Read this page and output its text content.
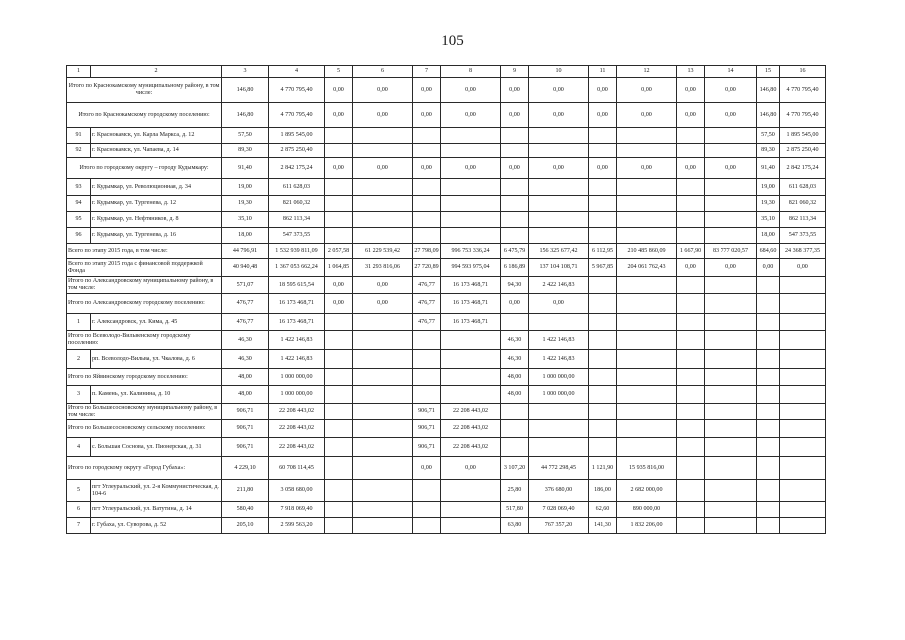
105
1	2	3	4	5	6	7	8	9	10	11	12	13	14	15	16
Итого по Краснокамскому муниципальному району, в том числе:		146,80	4 770 795,40	0,00	0,00	0,00	0,00	0,00	0,00	0,00	0,00	0,00	0,00	146,80	4 770 795,40
Итого по Краснокамскому городскому поселению:		146,80	4 770 795,40	0,00	0,00	0,00	0,00	0,00	0,00	0,00	0,00	0,00	0,00	146,80	4 770 795,40
91	г. Краснокамск, ул. Карла Маркса, д. 12	57,50	1 895 545,00											57,50	1 895 545,00
92	г. Краснокамск, ул. Чапаева, д. 14	89,30	2 875 250,40											89,30	2 875 250,40
Итого по городскому округу – городу Кудымкару:		91,40	2 842 175,24	0,00	0,00	0,00	0,00	0,00	0,00	0,00	0,00	0,00	0,00	91,40	2 842 175,24
93	г. Кудымкар, ул. Революционная, д. 34	19,00	611 628,03											19,00	611 628,03
94	г. Кудымкар, ул. Тургенева, д. 12	19,30	821 060,32											19,30	821 060,32
95	г. Кудымкар, ул. Нефтяников, д. 8	35,10	862 113,34											35,10	862 113,34
96	г. Кудымкар, ул. Тургенева, д. 16	18,00	547 373,55											18,00	547 373,55
Всего по этапу 2015 года, в том числе:		44 796,91	1 532 939 811,09	2 057,58	61 229 539,42	27 798,09	996 753 336,24	6 475,79	156 325 677,42	6 112,95	210 485 860,09	1 667,90	83 777 020,57	684,60	24 368 377,35
Всего по этапу 2015 года с финансовой поддержкой Фонда		40 940,48	1 367 053 662,24	1 064,85	31 293 816,06	27 720,89	994 593 975,04	6 186,89	137 104 108,71	5 967,85	204 061 762,43	0,00	0,00	0,00	0,00
Итого по Александровскому муниципальному району, в том числе:		571,07	18 595 615,54	0,00	0,00	476,77	16 173 468,71	94,30	2 422 146,83						
Итого по Александровскому городскому поселению:		476,77	16 173 468,71	0,00	0,00	476,77	16 173 468,71	0,00	0,00						
1	г. Александровск, ул. Кима, д. 45	476,77	16 173 468,71			476,77	16 173 468,71								
Итого по Всеволодо-Вильвенскому городскому поселению:		46,30	1 422 146,83					46,30	1 422 146,83						
2	рп. Всеволодо-Вильва, ул. Чкалова, д. 6	46,30	1 422 146,83					46,30	1 422 146,83						
Итого по Яйвинскому городскому поселению:		48,00	1 000 000,00					48,00	1 000 000,00						
3	п. Камень, ул. Калинина, д. 10	48,00	1 000 000,00					48,00	1 000 000,00						
Итого по Большесосновскому муниципальному району, в том числе:		906,71	22 208 443,02			906,71	22 208 443,02								
Итого по Большесосновскому сельскому поселению:		906,71	22 208 443,02			906,71	22 208 443,02								
4	с. Большая Соснова, ул. Пионерская, д. 31	906,71	22 208 443,02			906,71	22 208 443,02								
Итого по городскому округу «Город Губаха»:		4 229,10	60 708 114,45			0,00	0,00	3 107,20	44 772 298,45	1 121,90	15 935 816,00				
5	пгт Углеуральский, ул. 2-я Коммунистическая, д. 104-6	211,80	3 058 680,00					25,80	376 680,00	186,00	2 682 000,00				
6	пгт Углеуральский, ул. Ватутина, д. 14	580,40	7 918 069,40					517,80	7 028 069,40	62,60	890 000,00				
7	г. Губаха, ул. Суворова, д. 52	205,10	2 599 563,20					63,80	767 357,20	141,30	1 832 206,00				
